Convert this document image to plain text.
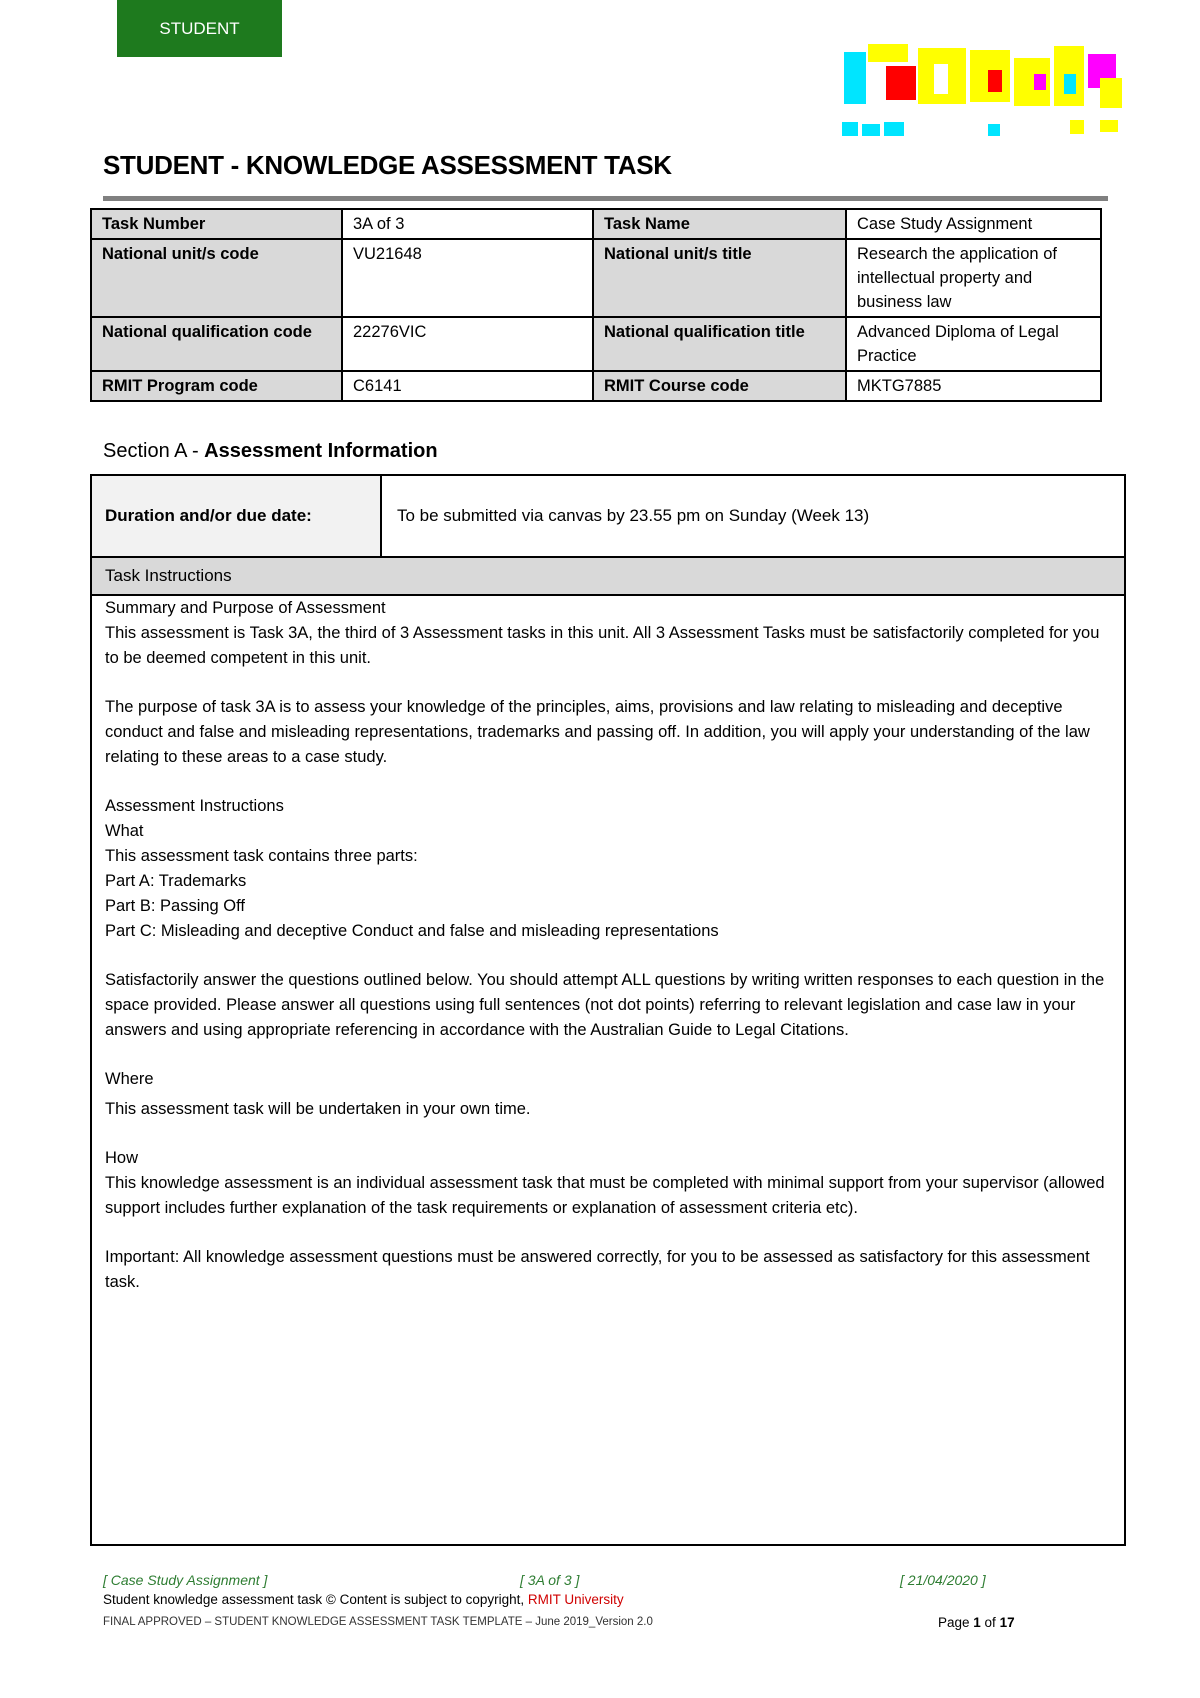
STUDENT
STUDENT - KNOWLEDGE ASSESSMENT TASK
Task Number	3A of 3	Task Name	Case Study Assignment
National unit/s code	VU21648	National unit/s title	Research the application of intellectual property and business law
National qualification code	22276VIC	National qualification title	Advanced Diploma of Legal Practice
RMIT Program code	C6141	RMIT Course code	MKTG7885
Section A - Assessment Information
Duration and/or due date:	To be submitted via canvas by 23.55 pm on Sunday (Week 13)
Task Instructions

Summary and Purpose of Assessment

This assessment is Task 3A, the third of 3 Assessment tasks in this unit. All 3 Assessment Tasks must be satisfactorily completed for you to be deemed competent in this unit.

The purpose of task 3A is to assess your knowledge of the principles, aims, provisions and law relating to misleading and deceptive conduct and false and misleading representations, trademarks and passing off. In addition, you will apply your understanding of the law relating to these areas to a case study.

Assessment Instructions

What

This assessment task contains three parts:

Part A: Trademarks

Part B: Passing Off

Part C: Misleading and deceptive Conduct and false and misleading representations

Satisfactorily answer the questions outlined below. You should attempt ALL questions by writing written responses to each question in the space provided. Please answer all questions using full sentences (not dot points) referring to relevant legislation and case law in your answers and using appropriate referencing in accordance with the Australian Guide to Legal Citations.

Where

This assessment task will be undertaken in your own time.

How

This knowledge assessment is an individual assessment task that must be completed with minimal support from your supervisor (allowed support includes further explanation of the task requirements or explanation of assessment criteria etc).

Important: All knowledge assessment questions must be answered correctly, for you to be assessed as satisfactory for this assessment task.

[ Case Study Assignment ]	[ 3A of 3 ]	[ 21/04/2020 ]
Student knowledge assessment task © Content is subject to copyright, RMIT University
FINAL APPROVED – STUDENT KNOWLEDGE ASSESSMENT TASK TEMPLATE – June 2019_Version 2.0	Page 1 of 17
